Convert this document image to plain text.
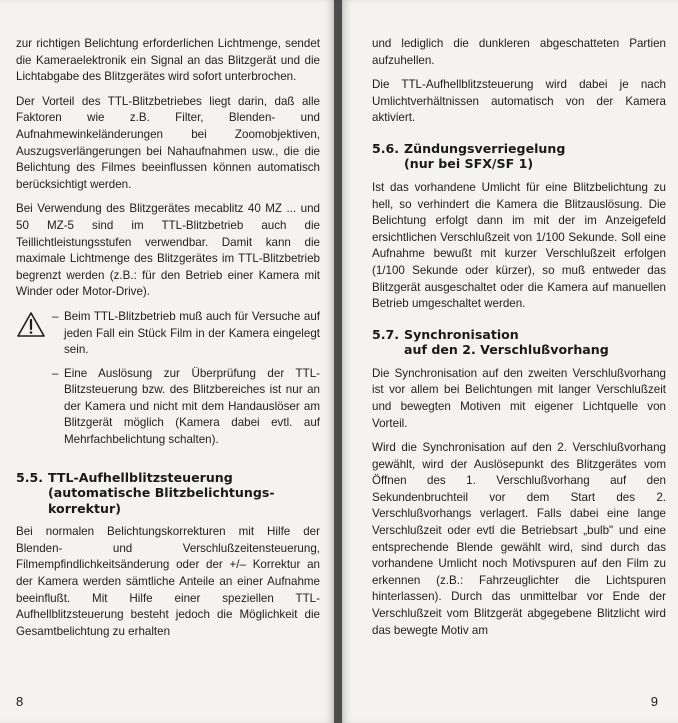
zur richtigen Belichtung erforderlichen Lichtmenge, sendet die Kameraelektronik ein Signal an das Blitzgerät und die Lichtabgabe des Blitzgerätes wird sofort unterbrochen.

Der Vorteil des TTL-Blitzbetriebes liegt darin, daß alle Faktoren wie z.B. Filter, Blenden- und Aufnahmewinkeländerungen bei Zoomobjektiven, Auszugsverlängerungen bei Nahaufnahmen usw., die die Belichtung des Filmes beeinflussen können automatisch berücksichtigt werden.

Bei Verwendung des Blitzgerätes mecablitz 40 MZ ... und 50 MZ-5 sind im TTL-Blitzbetrieb auch die Teillichtleistungsstufen verwendbar. Damit kann die maximale Lichtmenge des Blitzgerätes im TTL-Blitzbetrieb begrenzt werden (z.B.: für den Betrieb einer Kamera mit Winder oder Motor-Drive).

– Beim TTL-Blitzbetrieb muß auch für Versuche auf jeden Fall ein Stück Film in der Kamera eingelegt sein.

– Eine Auslösung zur Überprüfung der TTL-Blitzsteuerung bzw. des Blitzbereiches ist nur an der Kamera und nicht mit dem Handauslöser am Blitzgerät möglich (Kamera dabei evtl. auf Mehrfachbelichtung schalten).

5.5. TTL-Aufhellblitzsteuerung
(automatische Blitzbelichtungs-
korrektur)

Bei normalen Belichtungskorrekturen mit Hilfe der Blenden- und Verschlußzeitensteuerung, Filmempfindlichkeitsänderung oder der +/– Korrektur an der Kamera werden sämtliche Anteile an einer Aufnahme beeinflußt. Mit Hilfe einer speziellen TTL-Aufhellblitzsteuerung besteht jedoch die Möglichkeit die Gesamtbelichtung zu erhalten

8

und lediglich die dunkleren abgeschatteten Partien aufzuhellen.

Die TTL-Aufhellblitzsteuerung wird dabei je nach Umlichtverhältnissen automatisch von der Kamera aktiviert.

5.6. Zündungsverriegelung
(nur bei SFX/SF 1)

Ist das vorhandene Umlicht für eine Blitzbelichtung zu hell, so verhindert die Kamera die Blitzauslösung. Die Belichtung erfolgt dann im mit der im Anzeigefeld ersichtlichen Verschlußzeit von 1/100 Sekunde. Soll eine Aufnahme bewußt mit kurzer Verschlußzeit erfolgen (1/100 Sekunde oder kürzer), so muß entweder das Blitzgerät ausgeschaltet oder die Kamera auf manuellen Betrieb umgeschaltet werden.

5.7. Synchronisation
auf den 2. Verschlußvorhang

Die Synchronisation auf den zweiten Verschlußvorhang ist vor allem bei Belichtungen mit langer Verschlußzeit und bewegten Motiven mit eigener Lichtquelle von Vorteil.

Wird die Synchronisation auf den 2. Verschlußvorhang gewählt, wird der Auslösepunkt des Blitzgerätes vom Öffnen des 1. Verschlußvorhang auf den Sekundenbruchteil vor dem Start des 2. Verschlußvorhangs verlagert. Falls dabei eine lange Verschlußzeit oder evtl die Betriebsart „bulb" und eine entsprechende Blende gewählt wird, sind durch das vorhandene Umlicht noch Motivspuren auf den Film zu erkennen (z.B.: Fahrzeuglichter die Lichtspuren hinterlassen). Durch das unmittelbar vor Ende der Verschlußzeit vom Blitzgerät abgegebene Blitzlicht wird das bewegte Motiv am

9
